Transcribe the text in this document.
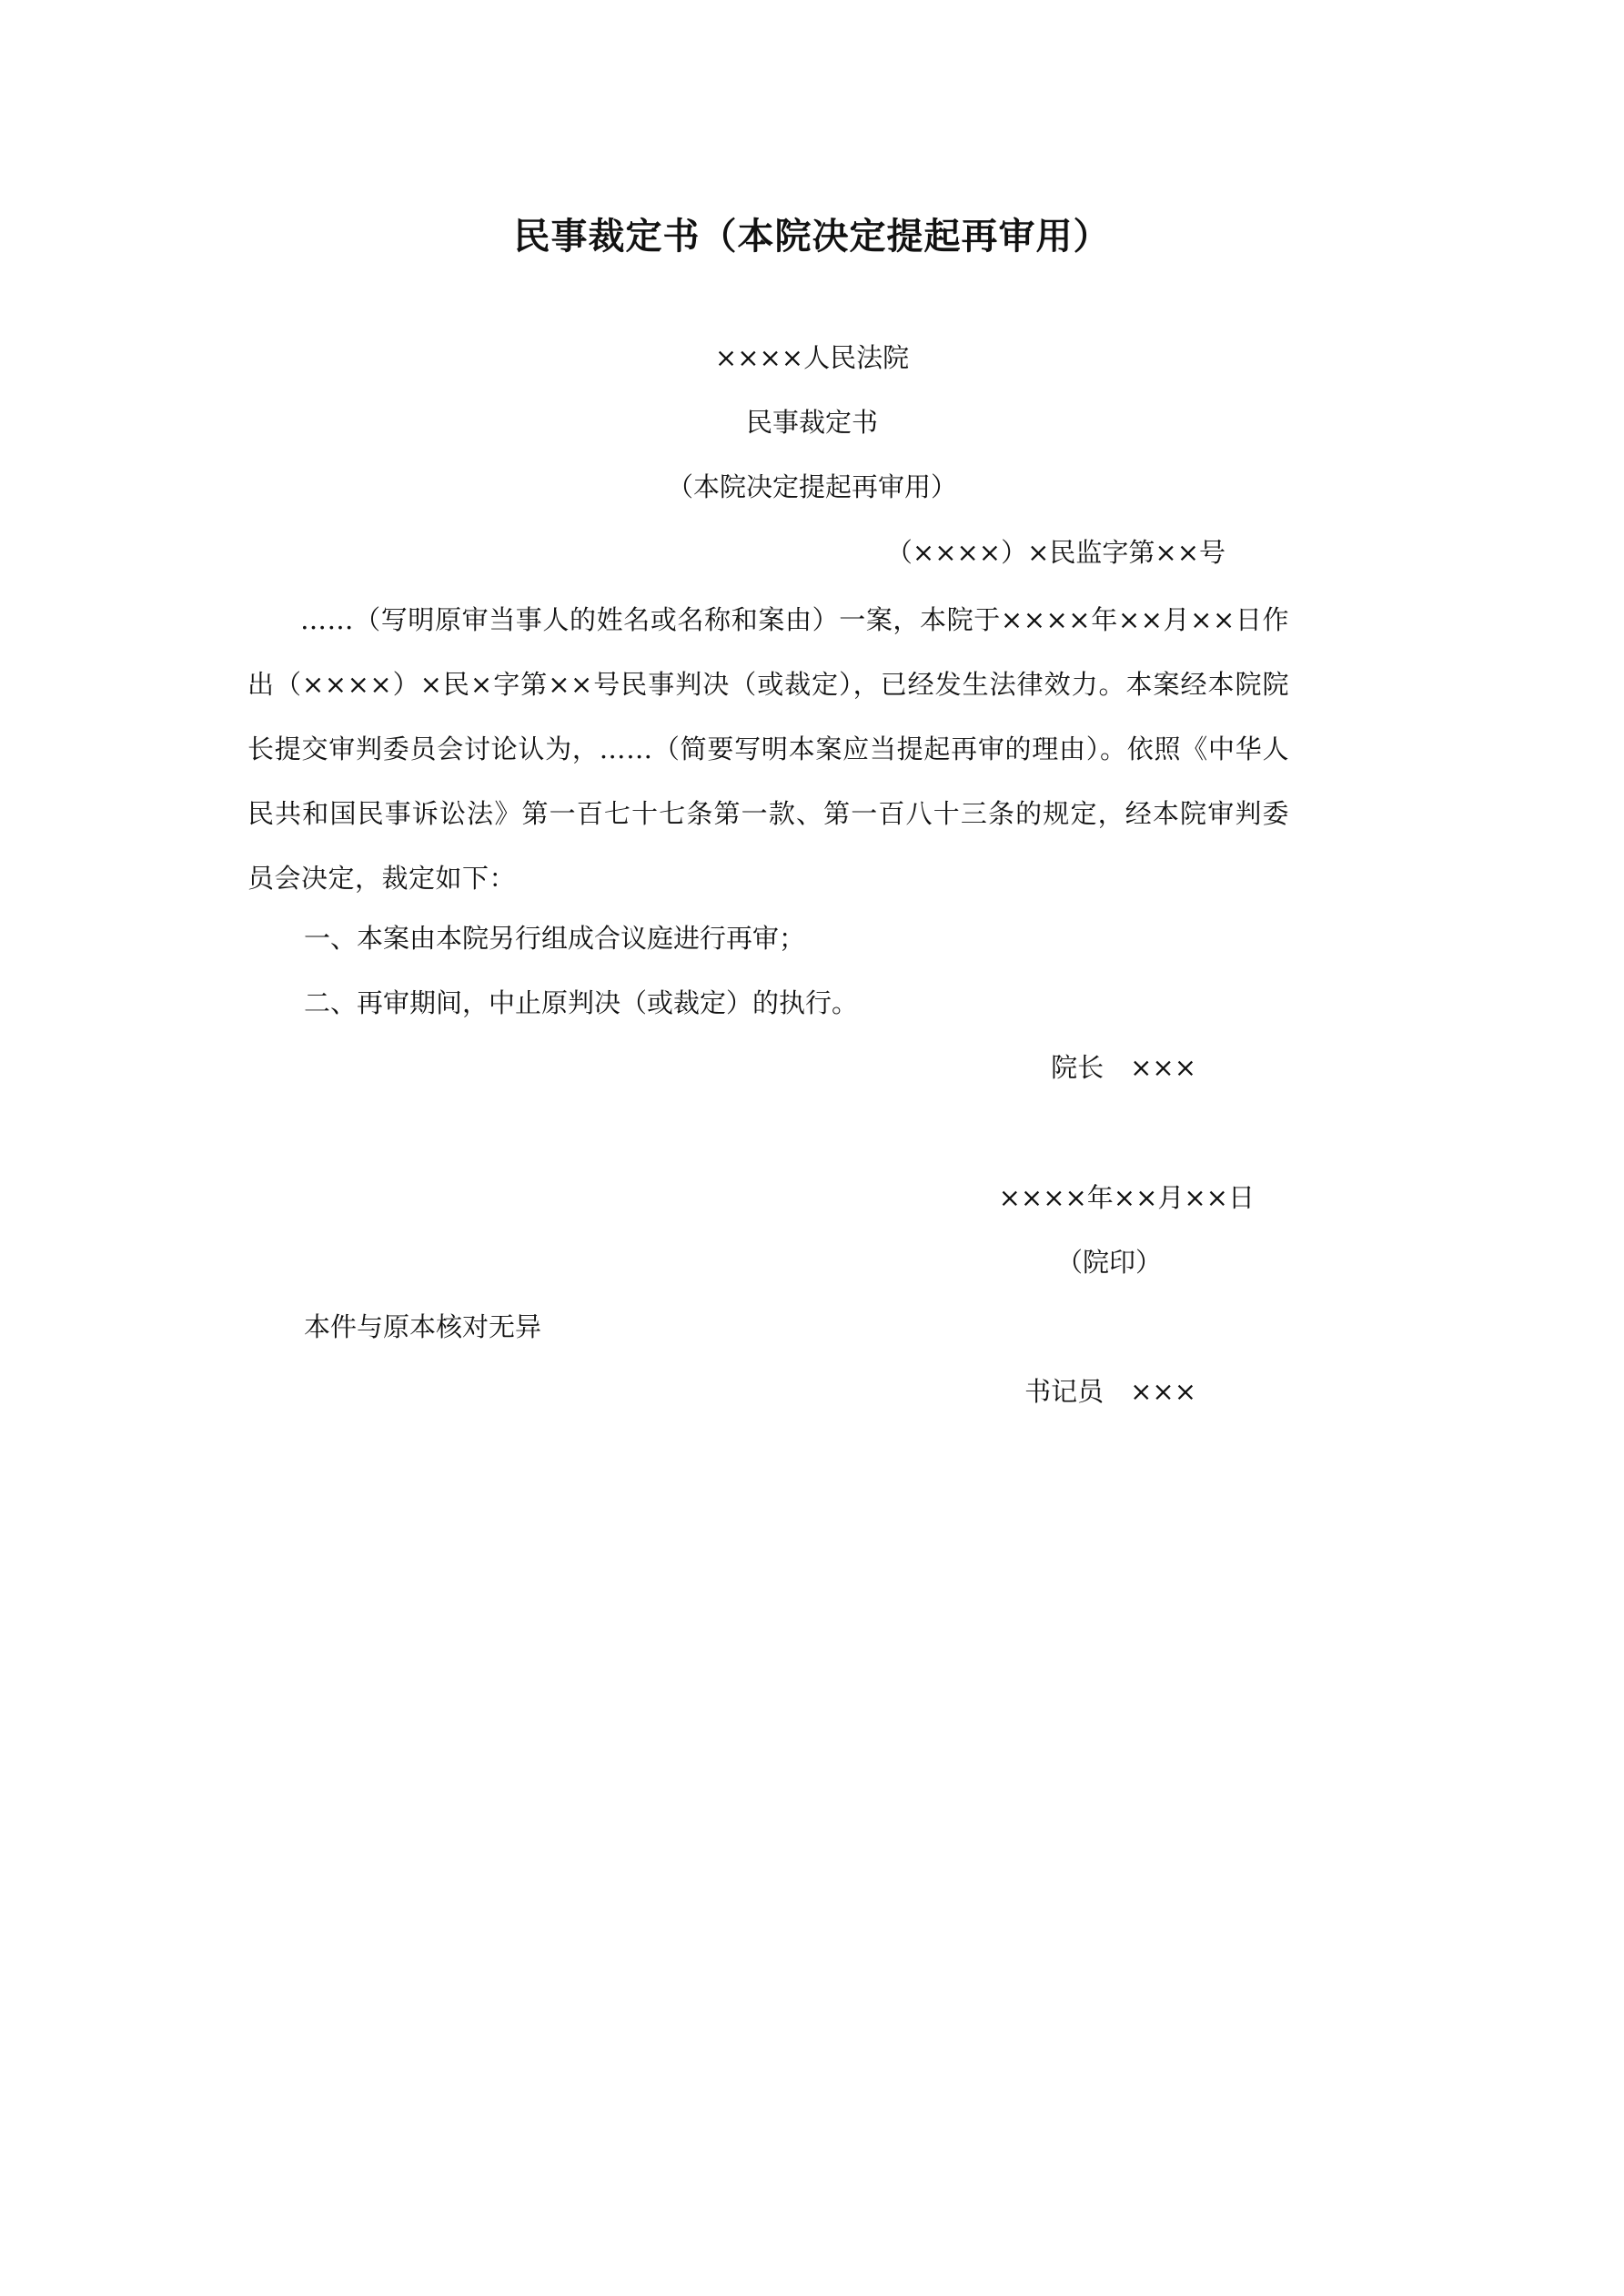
民事裁定书（本院决定提起再审用）
××××人民法院
民事裁定书
（本院决定提起再审用）
（××××）×民监字第××号
……（写明原审当事人的姓名或名称和案由）一案，本院于××××年××月××日作出（××××）×民×字第××号民事判决（或裁定），已经发生法律效力。本案经本院院长提交审判委员会讨论认为，……（简要写明本案应当提起再审的理由）。依照《中华人民共和国民事诉讼法》第一百七十七条第一款、第一百八十三条的规定，经本院审判委员会决定，裁定如下：
一、本案由本院另行组成合议庭进行再审；
二、再审期间，中止原判决（或裁定）的执行。
院长　×××
××××年××月××日
（院印）
本件与原本核对无异
书记员　×××
